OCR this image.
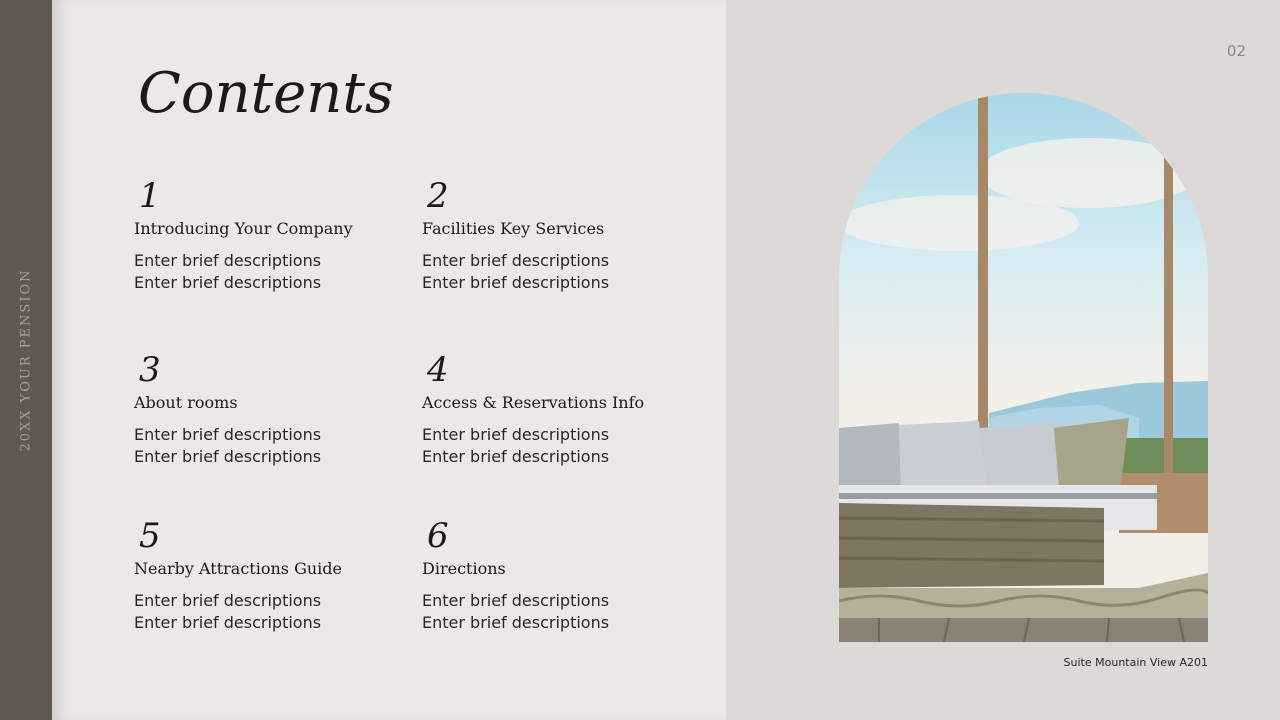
20XX YOUR PENSION
Contents
1
Introducing Your Company
Enter brief descriptions
Enter brief descriptions
2
Facilities Key Services
Enter brief descriptions
Enter brief descriptions
3
About rooms
Enter brief descriptions
Enter brief descriptions
4
Access & Reservations Info
Enter brief descriptions
Enter brief descriptions
5
Nearby Attractions Guide
Enter brief descriptions
Enter brief descriptions
6
Directions
Enter brief descriptions
Enter brief descriptions
02
Suite Mountain View A201
